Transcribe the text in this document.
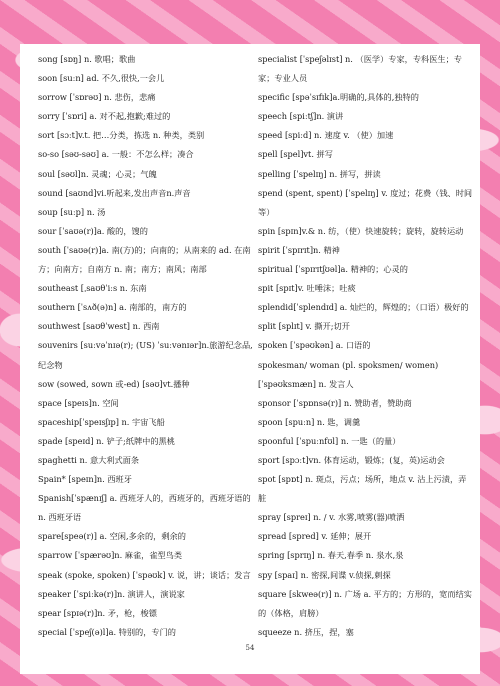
song [sɒŋ] n. 歌唱；歌曲
soon [suːn] ad. 不久,很快,一会儿
sorrow [ˈsɒrəʊ] n. 悲伤，悲痛
sorry [ˈsɒri] a. 对不起,抱歉;难过的
sort [sɔːt]v.t. 把…分类，拣选 n. 种类，类别
so-so [səʊ-səʊ] a. 一般：不怎么样；凑合
soul [səʊl]n. 灵魂；心灵；气魄
sound [saʊnd]vi.听起来,发出声音n.声音
soup [suːp] n. 汤
sour [ˈsaʊə(r)]a. 酸的，馊的
south [ˈsaʊə(r)]a. 南(方)的；向南的；从南来的 ad. 在南方；向南方；自南方 n. 南；南方；南风；南部
southeast [ˌsaʊθˈiːs n. 东南
southern [ˈsʌð(ə)n] a. 南部的，南方的
southwest [saʊθˈwest] n. 西南
souvenirs [suːvəˈnɪə(r); (US) ˈsuːvənɪər]n.旅游纪念品,纪念物
sow (sowed, sown 或-ed) [səʊ]vt.播种
space [speɪs]n. 空间
spaceship[ˈspeɪsʃɪp] n. 宇宙飞船
spade [speɪd] n. 铲子;纸牌中的黑桃
spaghetti n. 意大利式面条
Spain* [speɪn]n. 西班牙
Spanish[ˈspænɪʃ] a. 西班牙人的，西班牙的，西班牙语的 n. 西班牙语
spare[speə(r)] a. 空闲,多余的，剩余的
sparrow [ˈspærəʊ]n. 麻雀，雀型鸟类
speak (spoke, spoken) [ˈspəʊk] v. 说，讲；谈话；发言
speaker [ˈspiːkə(r)]n. 演讲人，演说家
spear [spɪə(r)]n. 矛，枪，梭镖
special [ˈspeʃ(ə)l]a. 特别的，专门的
specialist [ˈspeʃəlɪst] n. （医学）专家，专科医生；专家；专业人员
specific [spəˈsɪfɪk]a.明确的,具体的,独特的
speech [spiːtʃ]n. 演讲
speed [spiːd] n. 速度 v. （使）加速
spell [spel]vt. 拼写
spelling [ˈspelɪŋ] n. 拼写，拼读
spend (spent, spent) [ˈspelɪŋ] v. 度过；花费（钱、时间等）
spin [spɪn]v.& n. 纺，（使）快速旋转；旋转，旋转运动
spirit [ˈspɪrɪt]n. 精神
spiritual [ˈspɪrɪtʃʊəl]a. 精神的；心灵的
spit [spɪt]v. 吐唾沫；吐痰
splendid[ˈsplendɪd] a. 灿烂的，辉煌的；（口语）极好的
split [splɪt] v. 撕开;切开
spoken [ˈspəʊkən] a. 口语的
spokesman/ woman (pl. spoksmen/ women) [ˈspəʊksmæn] n. 发言人
sponsor [ˈspɒnsə(r)] n. 赞助者，赞助商
spoon [spuːn] n. 匙，调羹
spoonful [ˈspuːnfʊl] n. 一匙（的量）
sport [spɔːt]vn. 体育运动，锻炼；(复，英)运动会
spot [spɒt] n. 斑点，污点；场所，地点 v. 沾上污渍，弄脏
spray [spreɪ] n. / v. 水雾,喷雾(器)喷洒
spread [spred] v. 延伸；展开
spring [sprɪŋ] n. 春天,春季 n. 泉水,泉
spy [spaɪ] n. 密探,间谍 v.侦探,刺探
square [skweə(r)] n. 广场 a. 平方的；方形的，宽而结实的（体格，肩膀）
squeeze n. 挤压，捏，塞
54
